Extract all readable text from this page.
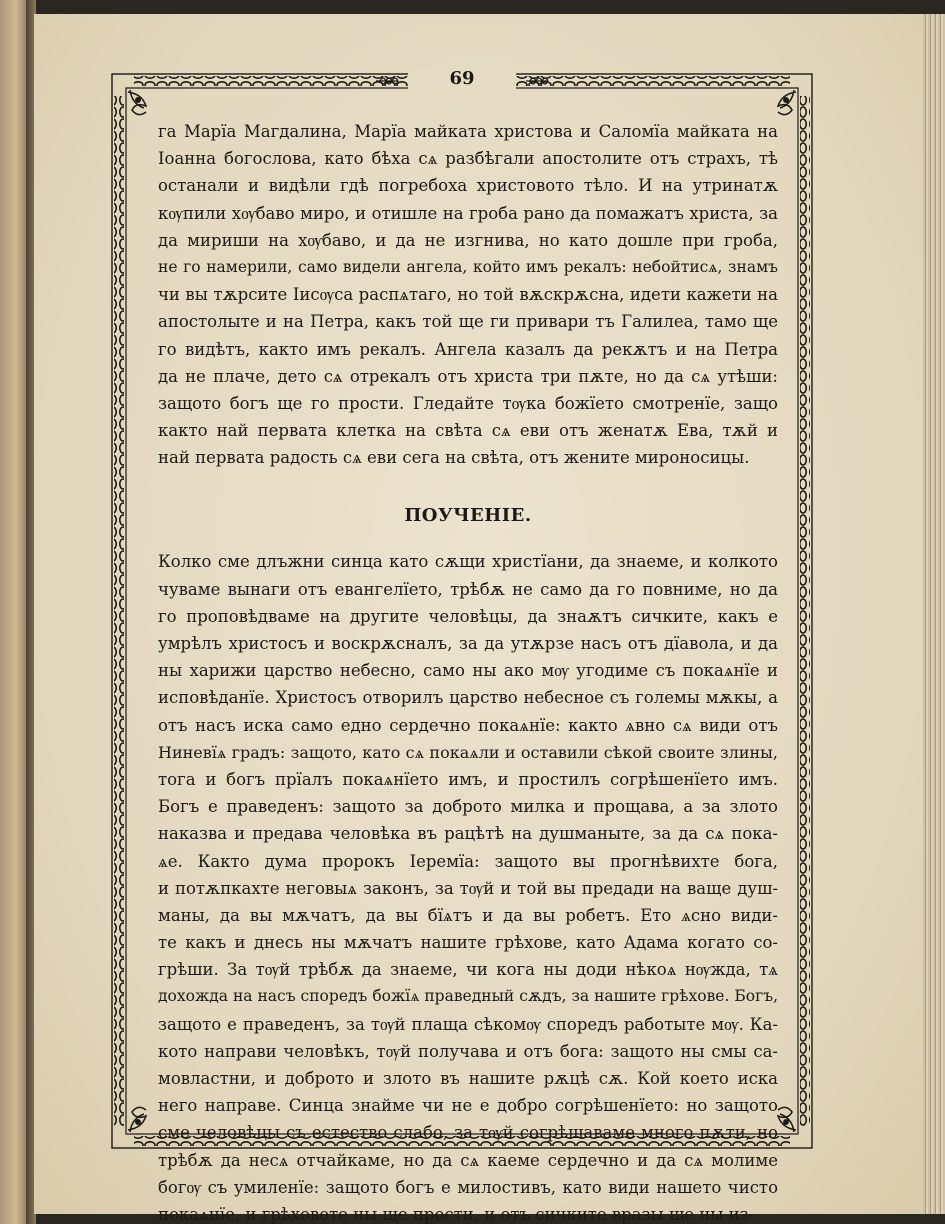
69
га Марїа Магдалина, Марїа майката христова и Саломїа майката на
Іоанна богослова, като бѣха сѧ разбѣгали апостолите отъ страхъ, тѣ
останали и видѣли гдѣ погребоха христовото тѣло. И на утринатѫ
кѹпили хѹбаво миро, и отишле на гроба рано да помажатъ христа, за
да мириши на хѹбаво, и да не изгнива, но като дошле при гроба,
не го намерили, само видели ангела, който имъ рекалъ: небойтисѧ, знамъ
чи вы тѫрсите Іисѹса распѧтаго, но той вѫскрѫсна, идети кажети на
апостолыте и на Петра, какъ той ще ги привари тъ Галилеа, тамо ще
го видѣтъ, както имъ рекалъ. Ангела казалъ да рекѫтъ и на Петра
да не плаче, дето сѧ отрекалъ отъ христа три пѫте, но да сѧ утѣши:
защото богъ ще го прости. Гледайте тѹка божїето смотренїе, защо
както най первата клетка на свѣта сѧ еви отъ женатѫ Ева, тѫй и
най первата радость сѧ еви сега на свѣта, отъ жените мироносицы.
ПОУЧЕНІЕ.
Колко сме длъжни синца като сѫщи христїани, да знаеме, и колкото
чуваме вынаги отъ евангелїето, трѣбѫ не само да го повниме, но да
го проповѣдваме на другите человѣцы, да знаѫтъ сичките, какъ е
умрѣлъ христосъ и воскрѫсналъ, за да утѫрзе насъ отъ дїавола, и да
ны харижи царство небесно, само ны ако мѹ угодиме съ покаѧнїе и
исповѣданїе. Христосъ отворилъ царство небесное съ големы мѫкы, а
отъ насъ иска само едно сердечно покаѧнїе: както ѧвно сѧ види отъ
Ниневїѧ градъ: защото, като сѧ покаѧли и оставили сѣкой своите злины,
тога и богъ прїалъ покаѧнїето имъ, и простилъ согрѣшенїето имъ.
Богъ е праведенъ: защото за доброто милка и прощава, а за злото
наказва и предава человѣка въ рацѣтѣ на душманыте, за да сѧ пока-
ѧе. Както дума пророкъ Іеремїа: защото вы прогнѣвихте бога,
и потѫпкахте неговыѧ законъ, за тѹй и той вы предади на ваще душ-
маны, да вы мѫчатъ, да вы бїѧтъ и да вы робетъ. Ето ѧсно види-
те какъ и днесь ны мѫчатъ нашите грѣхове, като Адама когато со-
грѣши. За тѹй трѣбѫ да знаеме, чи кога ны доди нѣкоѧ нѹжда, тѧ
дохожда на насъ споредъ божїѧ праведный сѫдъ, за нашите грѣхове. Богъ,
защото е праведенъ, за тѹй плаща сѣкомѹ споредъ работыте мѹ. Ка-
кото направи человѣкъ, тѹй получава и отъ бога: защото ны смы са-
мовластни, и доброто и злото въ нашите рѫцѣ сѫ. Кой което иска
него направе. Синца знайме чи не е добро согрѣшенїето: но защото
сме человѣцы съ естество слабо, за тѹй согрѣшаваме много пѫти, но
трѣбѫ да несѧ отчайкаме, но да сѧ каеме сердечно и да сѧ молиме
богѹ съ умиленїе: защото богъ е милостивъ, като види нашето чисто
покаѧнїе, и грѣховете ны ще прости, и отъ сичките вразы ще ны из-
